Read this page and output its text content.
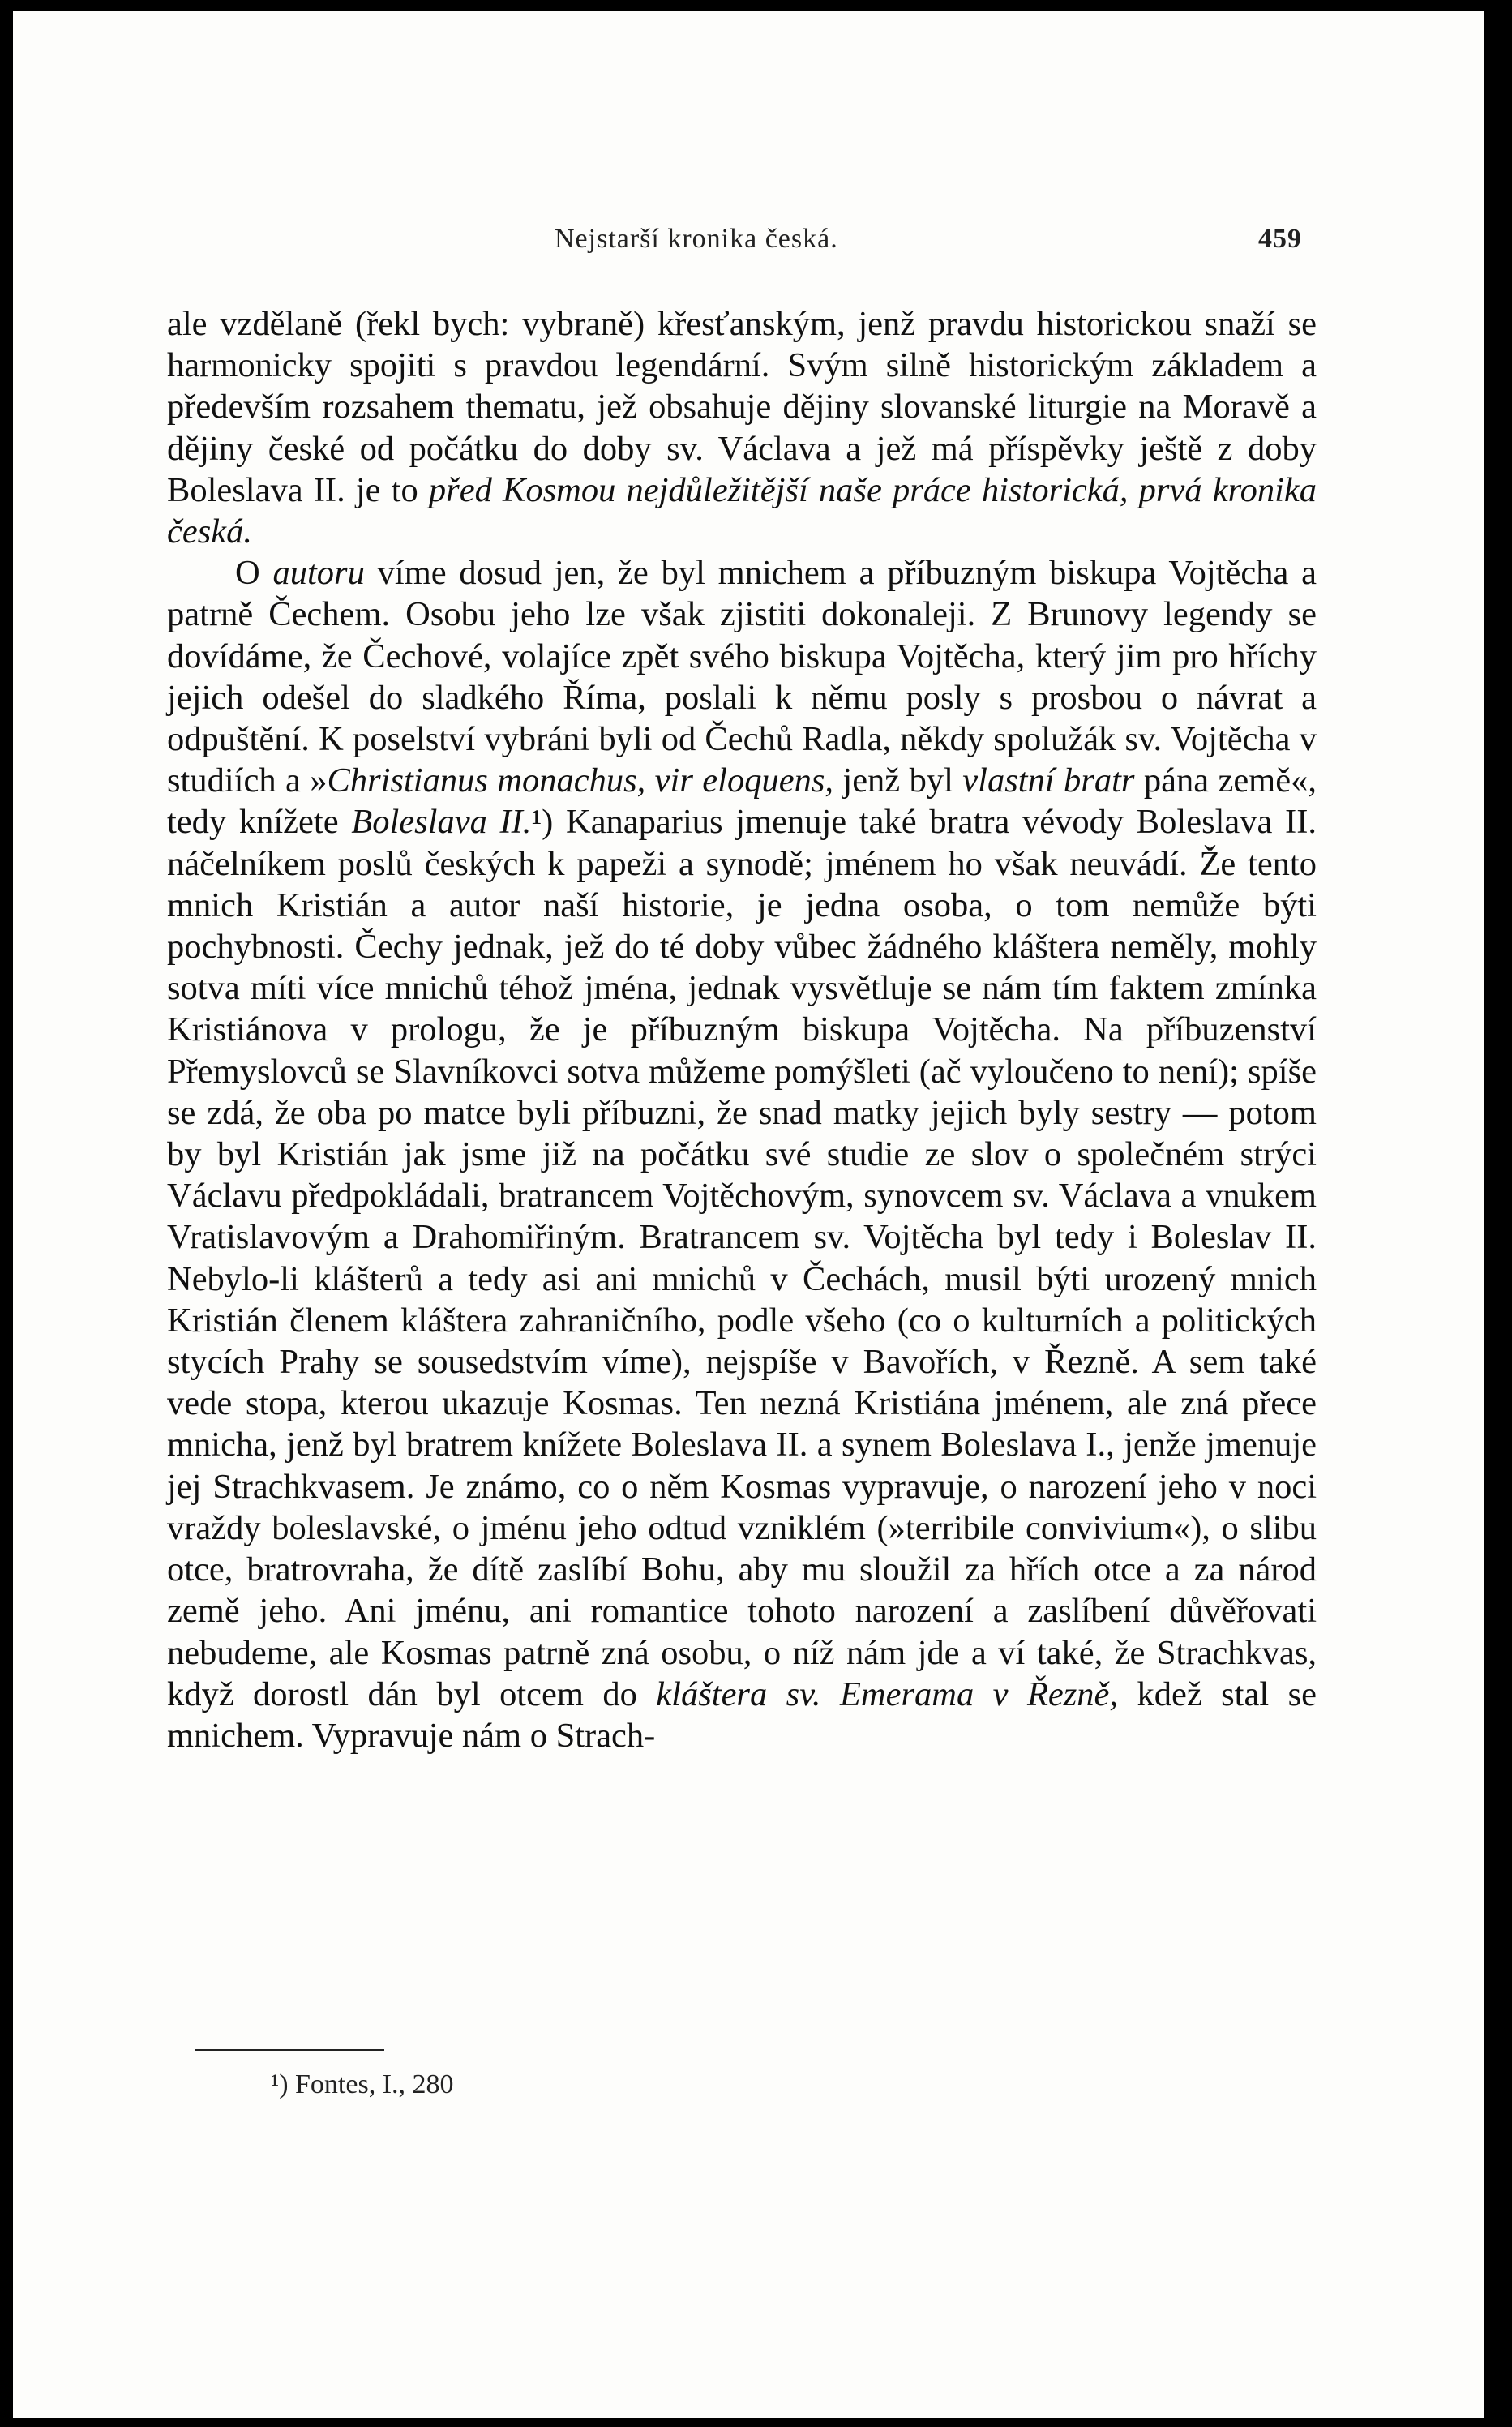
Nejstarší kronika česká.	459

ale vzdělaně (řekl bych: vybraně) křesťanským, jenž pravdu historickou snaží se harmonicky spojiti s pravdou legendární. Svým silně historickým základem a především rozsahem thematu, jež obsahuje dějiny slovanské liturgie na Moravě a dějiny české od počátku do doby sv. Václava a jež má příspěvky ještě z doby Boleslava II. je to před Kosmou nejdůležitější naše práce historická, prvá kronika česká.

O autoru víme dosud jen, že byl mnichem a příbuzným biskupa Vojtěcha a patrně Čechem. Osobu jeho lze však zjistiti dokonaleji. Z Brunovy legendy se dovídáme, že Čechové, volajíce zpět svého biskupa Vojtěcha, který jim pro hříchy jejich odešel do sladkého Říma, poslali k němu posly s prosbou o návrat a odpuštění. K poselství vybráni byli od Čechů Radla, někdy spolužák sv. Vojtěcha v studiích a »Christianus monachus, vir eloquens, jenž byl vlastní bratr pána země«, tedy knížete Boleslava II.¹) Kanaparius jmenuje také bratra vévody Boleslava II. náčelníkem poslů českých k papeži a synodě; jménem ho však neuvádí. Že tento mnich Kristián a autor naší historie, je jedna osoba, o tom nemůže býti pochybnosti. Čechy jednak, jež do té doby vůbec žádného kláštera neměly, mohly sotva míti více mnichů téhož jména, jednak vysvětluje se nám tím faktem zmínka Kristiánova v prologu, že je příbuzným biskupa Vojtěcha. Na příbuzenství Přemyslovců se Slavníkovci sotva můžeme pomýšleti (ač vyloučeno to není); spíše se zdá, že oba po matce byli příbuzni, že snad matky jejich byly sestry — potom by byl Kristián jak jsme již na počátku své studie ze slov o společném strýci Václavu předpokládali, bratrancem Vojtěchovým, synovcem sv. Václava a vnukem Vratislavovým a Drahomiřiným. Bratrancem sv. Vojtěcha byl tedy i Boleslav II. Nebylo-li klášterů a tedy asi ani mnichů v Čechách, musil býti urozený mnich Kristián členem kláštera zahraničního, podle všeho (co o kulturních a politických stycích Prahy se sousedstvím víme), nejspíše v Bavořích, v Řezně. A sem také vede stopa, kterou ukazuje Kosmas. Ten nezná Kristiána jménem, ale zná přece mnicha, jenž byl bratrem knížete Boleslava II. a synem Boleslava I., jenže jmenuje jej Strachkvasem. Je známo, co o něm Kosmas vypravuje, o narození jeho v noci vraždy boleslavské, o jménu jeho odtud vzniklém (»terribile convivium«), o slibu otce, bratrovraha, že dítě zaslíbí Bohu, aby mu sloužil za hřích otce a za národ země jeho. Ani jménu, ani romantice tohoto narození a zaslíbení důvěřovati nebudeme, ale Kosmas patrně zná osobu, o níž nám jde a ví také, že Strachkvas, když dorostl dán byl otcem do kláštera sv. Emerama v Řezně, kdež stal se mnichem. Vypravuje nám o Strach-

¹) Fontes, I., 280
